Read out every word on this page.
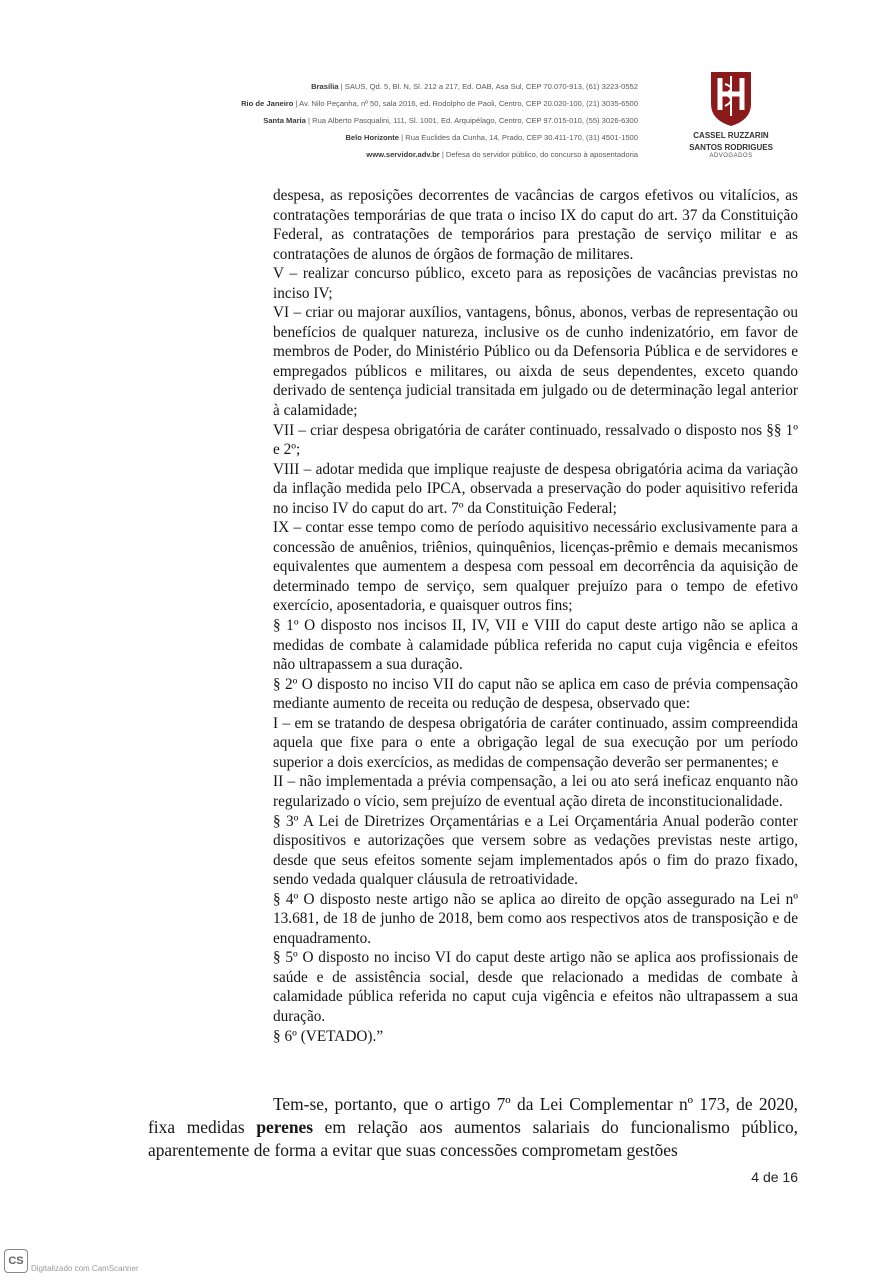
Brasília | SAUS, Qd. 5, Bl. N, Sl. 212 a 217, Ed. OAB, Asa Sul, CEP 70.070-913, (61) 3223-0552
Rio de Janeiro | Av. Nilo Peçanha, nº 50, sala 2016, ed. Rodolpho de Paoli, Centro, CEP 20.020-100, (21) 3035-6500
Santa Maria | Rua Alberto Pasqualini, 111, Sl. 1001, Ed. Arquipélago, Centro, CEP 97.015-010, (55) 3026-6300
Belo Horizonte | Rua Euclides da Cunha, 14, Prado, CEP 30.411-170, (31) 4501-1500
www.servidor.adv.br | Defesa do servidor público, do concurso à aposentadoria
CASSEL RUZZARIN
SANTOS RODRIGUES
ADVOGADOS

despesa, as reposições decorrentes de vacâncias de cargos efetivos ou vitalícios, as contratações temporárias de que trata o inciso IX do caput do art. 37 da Constituição Federal, as contratações de temporários para prestação de serviço militar e as contratações de alunos de órgãos de formação de militares.

V – realizar concurso público, exceto para as reposições de vacâncias previstas no inciso IV;

VI – criar ou majorar auxílios, vantagens, bônus, abonos, verbas de representação ou benefícios de qualquer natureza, inclusive os de cunho indenizatório, em favor de membros de Poder, do Ministério Público ou da Defensoria Pública e de servidores e empregados públicos e militares, ou aixda de seus dependentes, exceto quando derivado de sentença judicial transitada em julgado ou de determinação legal anterior à calamidade;

VII – criar despesa obrigatória de caráter continuado, ressalvado o disposto nos §§ 1º e 2º;

VIII – adotar medida que implique reajuste de despesa obrigatória acima da variação da inflação medida pelo IPCA, observada a preservação do poder aquisitivo referida no inciso IV do caput do art. 7º da Constituição Federal;

IX – contar esse tempo como de período aquisitivo necessário exclusivamente para a concessão de anuênios, triênios, quinquênios, licenças-prêmio e demais mecanismos equivalentes que aumentem a despesa com pessoal em decorrência da aquisição de determinado tempo de serviço, sem qualquer prejuízo para o tempo de efetivo exercício, aposentadoria, e quaisquer outros fins;

§ 1º O disposto nos incisos II, IV, VII e VIII do caput deste artigo não se aplica a medidas de combate à calamidade pública referida no caput cuja vigência e efeitos não ultrapassem a sua duração.

§ 2º O disposto no inciso VII do caput não se aplica em caso de prévia compensação mediante aumento de receita ou redução de despesa, observado que:

I – em se tratando de despesa obrigatória de caráter continuado, assim compreendida aquela que fixe para o ente a obrigação legal de sua execução por um período superior a dois exercícios, as medidas de compensação deverão ser permanentes; e

II – não implementada a prévia compensação, a lei ou ato será ineficaz enquanto não regularizado o vício, sem prejuízo de eventual ação direta de inconstitucionalidade.

§ 3º A Lei de Diretrizes Orçamentárias e a Lei Orçamentária Anual poderão conter dispositivos e autorizações que versem sobre as vedações previstas neste artigo, desde que seus efeitos somente sejam implementados após o fim do prazo fixado, sendo vedada qualquer cláusula de retroatividade.

§ 4º O disposto neste artigo não se aplica ao direito de opção assegurado na Lei nº 13.681, de 18 de junho de 2018, bem como aos respectivos atos de transposição e de enquadramento.

§ 5º O disposto no inciso VI do caput deste artigo não se aplica aos profissionais de saúde e de assistência social, desde que relacionado a medidas de combate à calamidade pública referida no caput cuja vigência e efeitos não ultrapassem a sua duração.

§ 6º (VETADO).”

Tem-se, portanto, que o artigo 7º da Lei Complementar nº 173, de 2020, fixa medidas perenes em relação aos aumentos salariais do funcionalismo público, aparentemente de forma a evitar que suas concessões comprometam gestões

4 de 16
CSDigitalizado com CamScanner
